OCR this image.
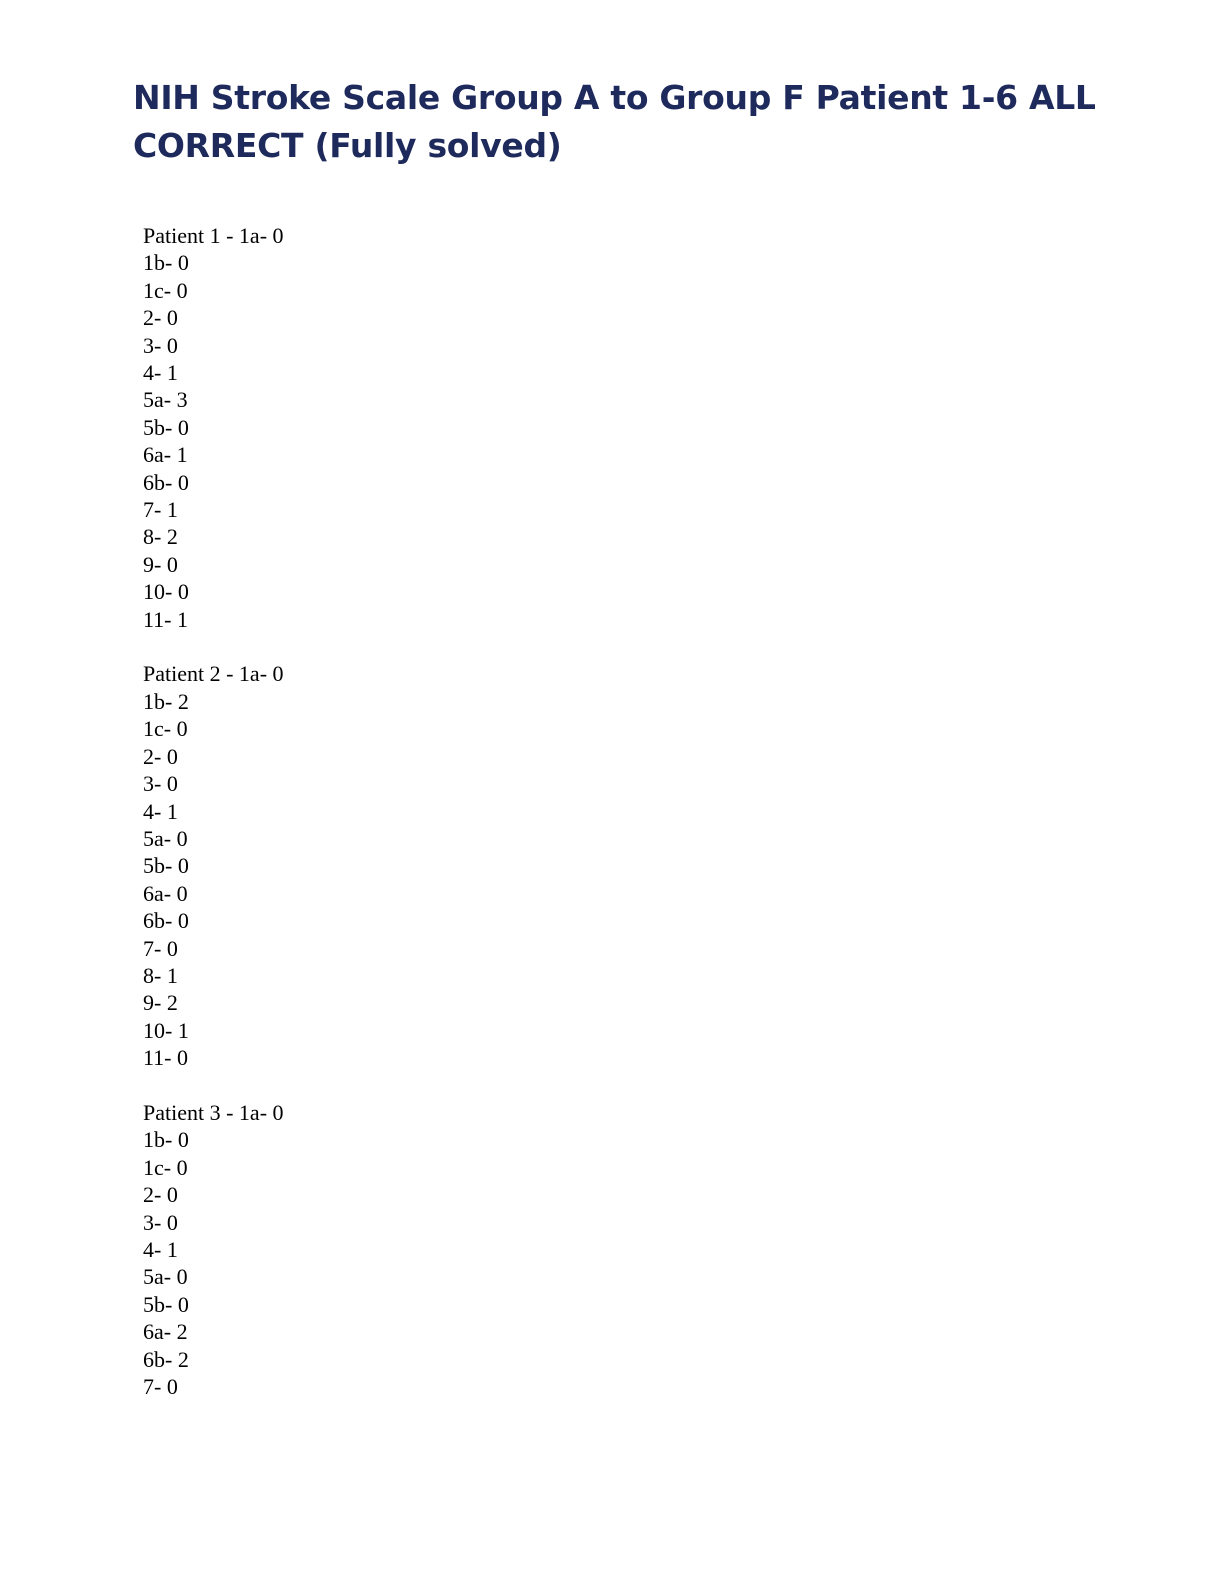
NIH Stroke Scale Group A to Group F Patient 1-6 ALL CORRECT (Fully solved)
Patient 1 - 1a- 0
1b- 0
1c- 0
2- 0
3- 0
4- 1
5a- 3
5b- 0
6a- 1
6b- 0
7- 1
8- 2
9- 0
10- 0
11- 1
Patient 2 - 1a- 0
1b- 2
1c- 0
2- 0
3- 0
4- 1
5a- 0
5b- 0
6a- 0
6b- 0
7- 0
8- 1
9- 2
10- 1
11- 0
Patient 3 - 1a- 0
1b- 0
1c- 0
2- 0
3- 0
4- 1
5a- 0
5b- 0
6a- 2
6b- 2
7- 0
